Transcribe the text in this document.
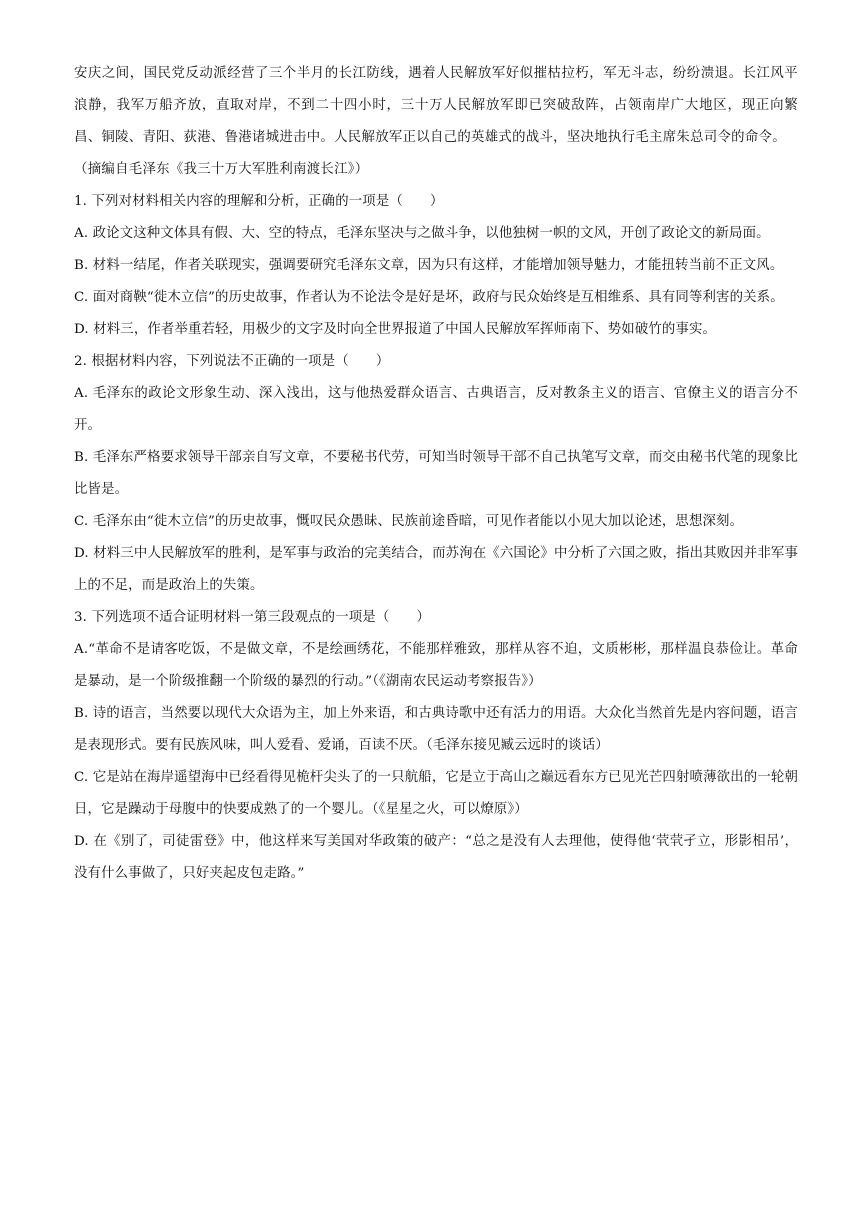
安庆之间，国民党反动派经营了三个半月的长江防线，遇着人民解放军好似摧枯拉朽，军无斗志，纷纷溃退。长江风平浪静，我军万船齐放，直取对岸，不到二十四小时，三十万人民解放军即已突破敌阵，占领南岸广大地区，现正向繁昌、铜陵、青阳、荻港、鲁港诸城进击中。人民解放军正以自己的英雄式的战斗，坚决地执行毛主席朱总司令的命令。

（摘编自毛泽东《我三十万大军胜利南渡长江》）

1. 下列对材料相关内容的理解和分析，正确的一项是（　　）

A. 政论文这种文体具有假、大、空的特点，毛泽东坚决与之做斗争，以他独树一帜的文风，开创了政论文的新局面。

B. 材料一结尾，作者关联现实，强调要研究毛泽东文章，因为只有这样，才能增加领导魅力，才能扭转当前不正文风。

C. 面对商鞅“徙木立信”的历史故事，作者认为不论法令是好是坏，政府与民众始终是互相维系、具有同等利害的关系。

D. 材料三，作者举重若轻，用极少的文字及时向全世界报道了中国人民解放军挥师南下、势如破竹的事实。

2. 根据材料内容，下列说法不正确的一项是（　　）

A. 毛泽东的政论文形象生动、深入浅出，这与他热爱群众语言、古典语言，反对教条主义的语言、官僚主义的语言分不开。

B. 毛泽东严格要求领导干部亲自写文章，不要秘书代劳，可知当时领导干部不自己执笔写文章，而交由秘书代笔的现象比比皆是。

C. 毛泽东由“徙木立信”的历史故事，慨叹民众愚昧、民族前途昏暗，可见作者能以小见大加以论述，思想深刻。

D. 材料三中人民解放军的胜利，是军事与政治的完美结合，而苏洵在《六国论》中分析了六国之败，指出其败因并非军事上的不足，而是政治上的失策。

3. 下列选项不适合证明材料一第三段观点的一项是（　　）

A.“革命不是请客吃饭，不是做文章，不是绘画绣花，不能那样雅致，那样从容不迫，文质彬彬，那样温良恭俭让。革命是暴动，是一个阶级推翻一个阶级的暴烈的行动。”（《湖南农民运动考察报告》）

B. 诗的语言，当然要以现代大众语为主，加上外来语，和古典诗歌中还有活力的用语。大众化当然首先是内容问题，语言是表现形式。要有民族风味，叫人爱看、爱诵，百读不厌。（毛泽东接见臧云远时的谈话）

C. 它是站在海岸遥望海中已经看得见桅杆尖头了的一只航船，它是立于高山之巅远看东方已见光芒四射喷薄欲出的一轮朝日，它是躁动于母腹中的快要成熟了的一个婴儿。（《星星之火，可以燎原》）

D. 在《别了，司徒雷登》中，他这样来写美国对华政策的破产：“总之是没有人去理他，使得他‘茕茕孑立，形影相吊’，没有什么事做了，只好夹起皮包走路。”
